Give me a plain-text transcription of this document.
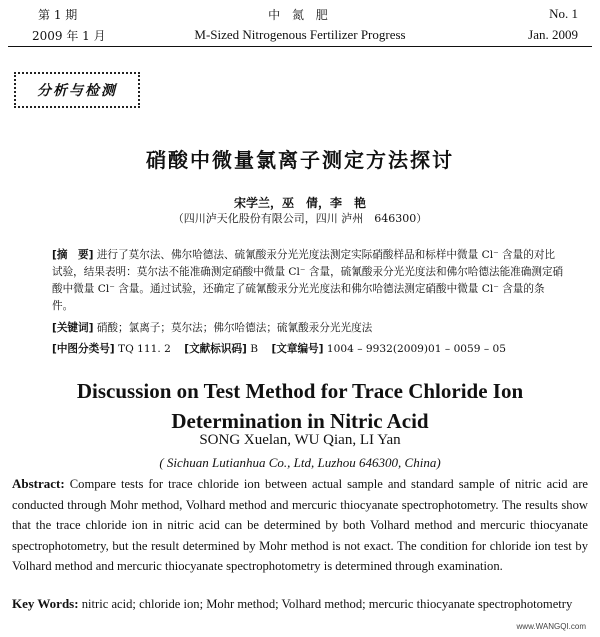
第 1 期
2009 年 1 月
中 氮 肥
M-Sized Nitrogenous Fertilizer Progress
No. 1
Jan. 2009
分析与检测
硝酸中微量氯离子测定方法探讨
宋学兰，巫　倩，李　艳
（四川泸天化股份有限公司，四川 泸州　646300）
[摘　要] 进行了莫尔法、佛尔哈德法、硫氰酸汞分光光度法测定实际硝酸样品和标样中微量 Cl⁻ 含量的对比试验，结果表明：莫尔法不能准确测定硝酸中微量 Cl⁻ 含量，硫氰酸汞分光光度法和佛尔哈德法能准确测定硝酸中微量 Cl⁻ 含量。通过试验，还确定了硫氰酸汞分光光度法和佛尔哈德法测定硝酸中微量 Cl⁻ 含量的条件。
[关键词] 硝酸；氯离子；莫尔法；佛尔哈德法；硫氰酸汞分光光度法
[中图分类号] TQ 111. 2 [文献标识码] B [文章编号] 1004 – 9932(2009)01 – 0059 – 05
Discussion on Test Method for Trace Chloride Ion
Determination in Nitric Acid
SONG Xuelan, WU Qian, LI Yan
( Sichuan Lutianhua Co., Ltd, Luzhou 646300, China)
Abstract: Compare tests for trace chloride ion between actual sample and standard sample of nitric acid are conducted through Mohr method, Volhard method and mercuric thiocyanate spectrophotometry. The results show that the trace chloride ion in nitric acid can be determined by both Volhard method and mercuric thiocyanate spectrophotometry, but the result determined by Mohr method is not exact. The condition for chloride ion test by Volhard method and mercuric thiocyanate spectrophotometry is determined through examination.
Key Words: nitric acid; chloride ion; Mohr method; Volhard method; mercuric thiocyanate spectrophotometry
www.WANGQI.com
